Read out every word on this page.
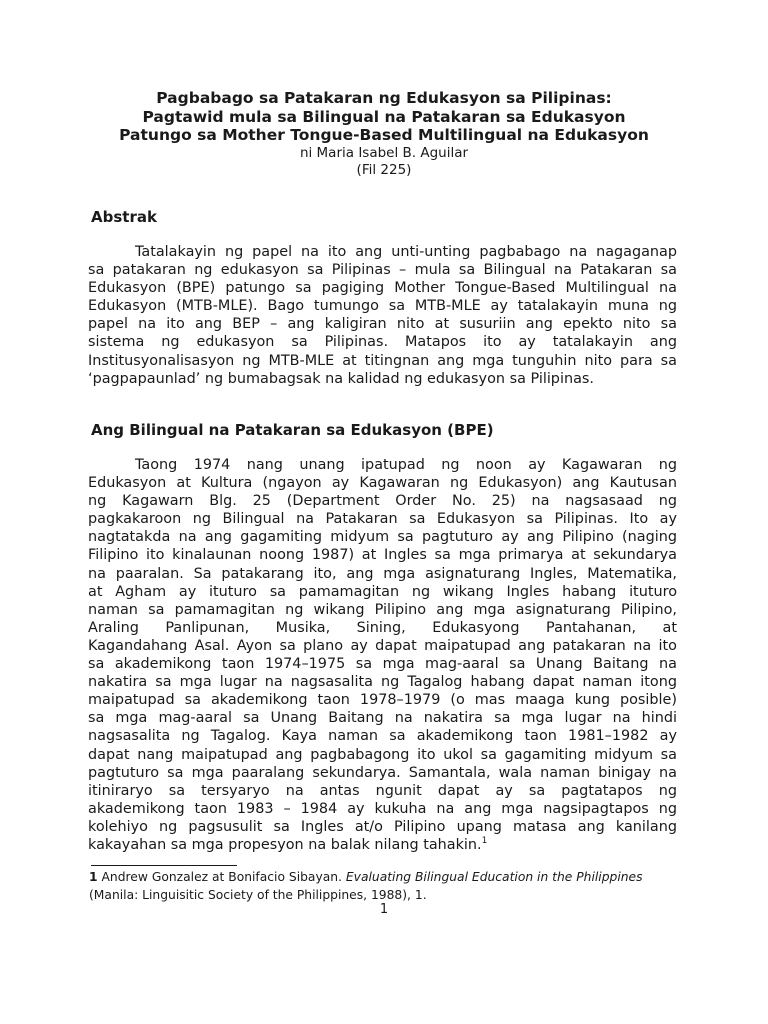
Pagbabago sa Patakaran ng Edukasyon sa Pilipinas:
Pagtawid mula sa Bilingual na Patakaran sa Edukasyon
Patungo sa Mother Tongue-Based Multilingual na Edukasyon
ni Maria Isabel B. Aguilar
(Fil 225)
Abstrak
Tatalakayin ng papel na ito ang unti-unting pagbabago na nagaganap
sa patakaran ng edukasyon sa Pilipinas – mula sa Bilingual na Patakaran sa
Edukasyon (BPE) patungo sa pagiging Mother Tongue-Based Multilingual na
Edukasyon (MTB-MLE). Bago tumungo sa MTB-MLE ay tatalakayin muna ng
papel na ito ang BEP – ang kaligiran nito at susuriin ang epekto nito sa
sistema ng edukasyon sa Pilipinas. Matapos ito ay tatalakayin ang
Institusyonalisasyon ng MTB-MLE at titingnan ang mga tunguhin nito para sa
‘pagpapaunlad’ ng bumabagsak na kalidad ng edukasyon sa Pilipinas.
Ang Bilingual na Patakaran sa Edukasyon (BPE)
Taong 1974 nang unang ipatupad ng noon ay Kagawaran ng
Edukasyon at Kultura (ngayon ay Kagawaran ng Edukasyon) ang Kautusan
ng Kagawarn Blg. 25 (Department Order No. 25) na nagsasaad ng
pagkakaroon ng Bilingual na Patakaran sa Edukasyon sa Pilipinas. Ito ay
nagtatakda na ang gagamiting midyum sa pagtuturo ay ang Pilipino (naging
Filipino ito kinalaunan noong 1987) at Ingles sa mga primarya at sekundarya
na paaralan. Sa patakarang ito, ang mga asignaturang Ingles, Matematika,
at Agham ay ituturo sa pamamagitan ng wikang Ingles habang ituturo
naman sa pamamagitan ng wikang Pilipino ang mga asignaturang Pilipino,
Araling Panlipunan, Musika, Sining, Edukasyong Pantahanan, at
Kagandahang Asal. Ayon sa plano ay dapat maipatupad ang patakaran na ito
sa akademikong taon 1974–1975 sa mga mag-aaral sa Unang Baitang na
nakatira sa mga lugar na nagsasalita ng Tagalog habang dapat naman itong
maipatupad sa akademikong taon 1978–1979 (o mas maaga kung posible)
sa mga mag-aaral sa Unang Baitang na nakatira sa mga lugar na hindi
nagsasalita ng Tagalog. Kaya naman sa akademikong taon 1981–1982 ay
dapat nang maipatupad ang pagbabagong ito ukol sa gagamiting midyum sa
pagtuturo sa mga paaralang sekundarya. Samantala, wala naman binigay na
itiniraryo sa tersyaryo na antas ngunit dapat ay sa pagtatapos ng
akademikong taon 1983 – 1984 ay kukuha na ang mga nagsipagtapos ng
kolehiyo ng pagsusulit sa Ingles at/o Pilipino upang matasa ang kanilang
kakayahan sa mga propesyon na balak nilang tahakin.$^1$
1 Andrew Gonzalez at Bonifacio Sibayan. Evaluating Bilingual Education in the Philippines
(Manila: Linguisitic Society of the Philippines, 1988), 1.
1
